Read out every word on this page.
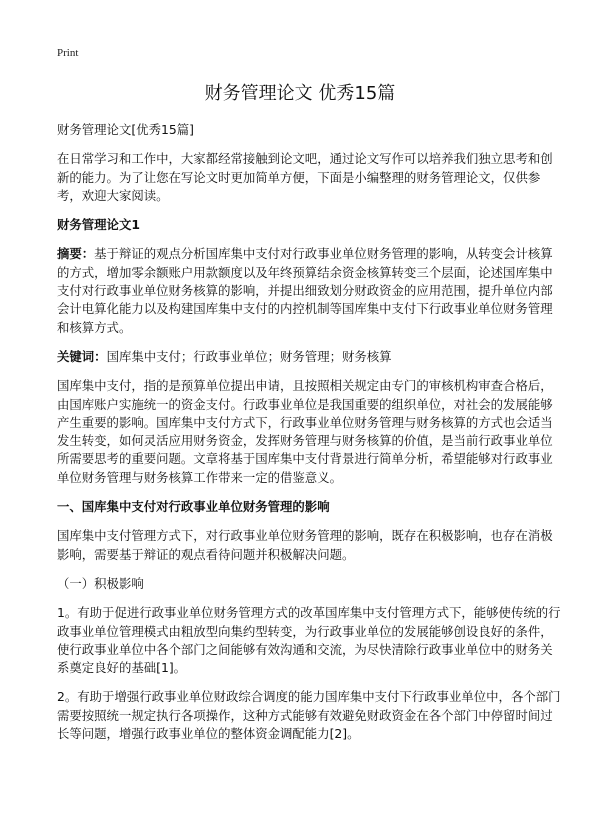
Print
财务管理论文 优秀15篇

财务管理论文[优秀15篇]

在日常学习和工作中，大家都经常接触到论文吧，通过论文写作可以培养我们独立思考和创新的能力。为了让您在写论文时更加简单方便，下面是小编整理的财务管理论文，仅供参考，欢迎大家阅读。

财务管理论文1

摘要：基于辩证的观点分析国库集中支付对行政事业单位财务管理的影响，从转变会计核算的方式，增加零余额账户用款额度以及年终预算结余资金核算转变三个层面，论述国库集中支付对行政事业单位财务核算的影响，并提出细致划分财政资金的应用范围，提升单位内部会计电算化能力以及构建国库集中支付的内控机制等国库集中支付下行政事业单位财务管理和核算方式。

关键词：国库集中支付；行政事业单位；财务管理；财务核算

国库集中支付，指的是预算单位提出申请，且按照相关规定由专门的审核机构审查合格后，由国库账户实施统一的资金支付。行政事业单位是我国重要的组织单位，对社会的发展能够产生重要的影响。国库集中支付方式下，行政事业单位财务管理与财务核算的方式也会适当发生转变，如何灵活应用财务资金，发挥财务管理与财务核算的价值，是当前行政事业单位所需要思考的重要问题。文章将基于国库集中支付背景进行简单分析，希望能够对行政事业单位财务管理与财务核算工作带来一定的借鉴意义。

一、国库集中支付对行政事业单位财务管理的影响

国库集中支付管理方式下，对行政事业单位财务管理的影响，既存在积极影响，也存在消极影响，需要基于辩证的观点看待问题并积极解决问题。

（一）积极影响

1。有助于促进行政事业单位财务管理方式的改革国库集中支付管理方式下，能够使传统的行政事业单位管理模式由粗放型向集约型转变，为行政事业单位的发展能够创设良好的条件，使行政事业单位中各个部门之间能够有效沟通和交流，为尽快清除行政事业单位中的财务关系奠定良好的基础[1]。

2。有助于增强行政事业单位财政综合调度的能力国库集中支付下行政事业单位中，各个部门需要按照统一规定执行各项操作，这种方式能够有效避免财政资金在各个部门中停留时间过长等问题，增强行政事业单位的整体资金调配能力[2]。
